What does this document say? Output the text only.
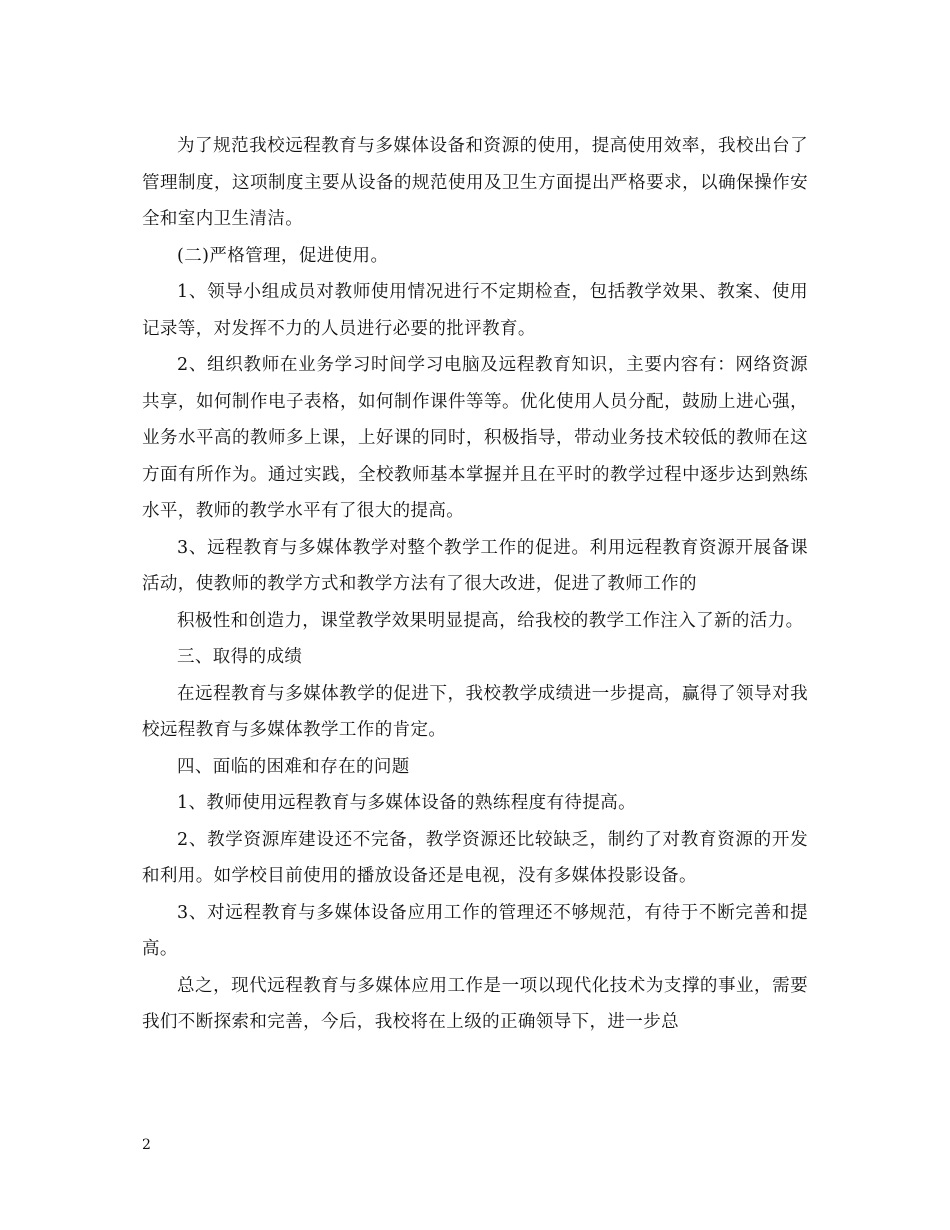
为了规范我校远程教育与多媒体设备和资源的使用，提高使用效率，我校出台了管理制度，这项制度主要从设备的规范使用及卫生方面提出严格要求，以确保操作安全和室内卫生清洁。

(二)严格管理，促进使用。

1、领导小组成员对教师使用情况进行不定期检查，包括教学效果、教案、使用记录等，对发挥不力的人员进行必要的批评教育。

2、组织教师在业务学习时间学习电脑及远程教育知识，主要内容有：网络资源共享，如何制作电子表格，如何制作课件等等。优化使用人员分配，鼓励上进心强，业务水平高的教师多上课，上好课的同时，积极指导，带动业务技术较低的教师在这方面有所作为。通过实践，全校教师基本掌握并且在平时的教学过程中逐步达到熟练水平，教师的教学水平有了很大的提高。

3、远程教育与多媒体教学对整个教学工作的促进。利用远程教育资源开展备课活动，使教师的教学方式和教学方法有了很大改进，促进了教师工作的

积极性和创造力，课堂教学效果明显提高，给我校的教学工作注入了新的活力。

三、取得的成绩

在远程教育与多媒体教学的促进下，我校教学成绩进一步提高，赢得了领导对我校远程教育与多媒体教学工作的肯定。

四、面临的困难和存在的问题

1、教师使用远程教育与多媒体设备的熟练程度有待提高。

2、教学资源库建设还不完备，教学资源还比较缺乏，制约了对教育资源的开发和利用。如学校目前使用的播放设备还是电视，没有多媒体投影设备。

3、对远程教育与多媒体设备应用工作的管理还不够规范，有待于不断完善和提高。

总之，现代远程教育与多媒体应用工作是一项以现代化技术为支撑的事业，需要我们不断探索和完善，今后，我校将在上级的正确领导下，进一步总

2
